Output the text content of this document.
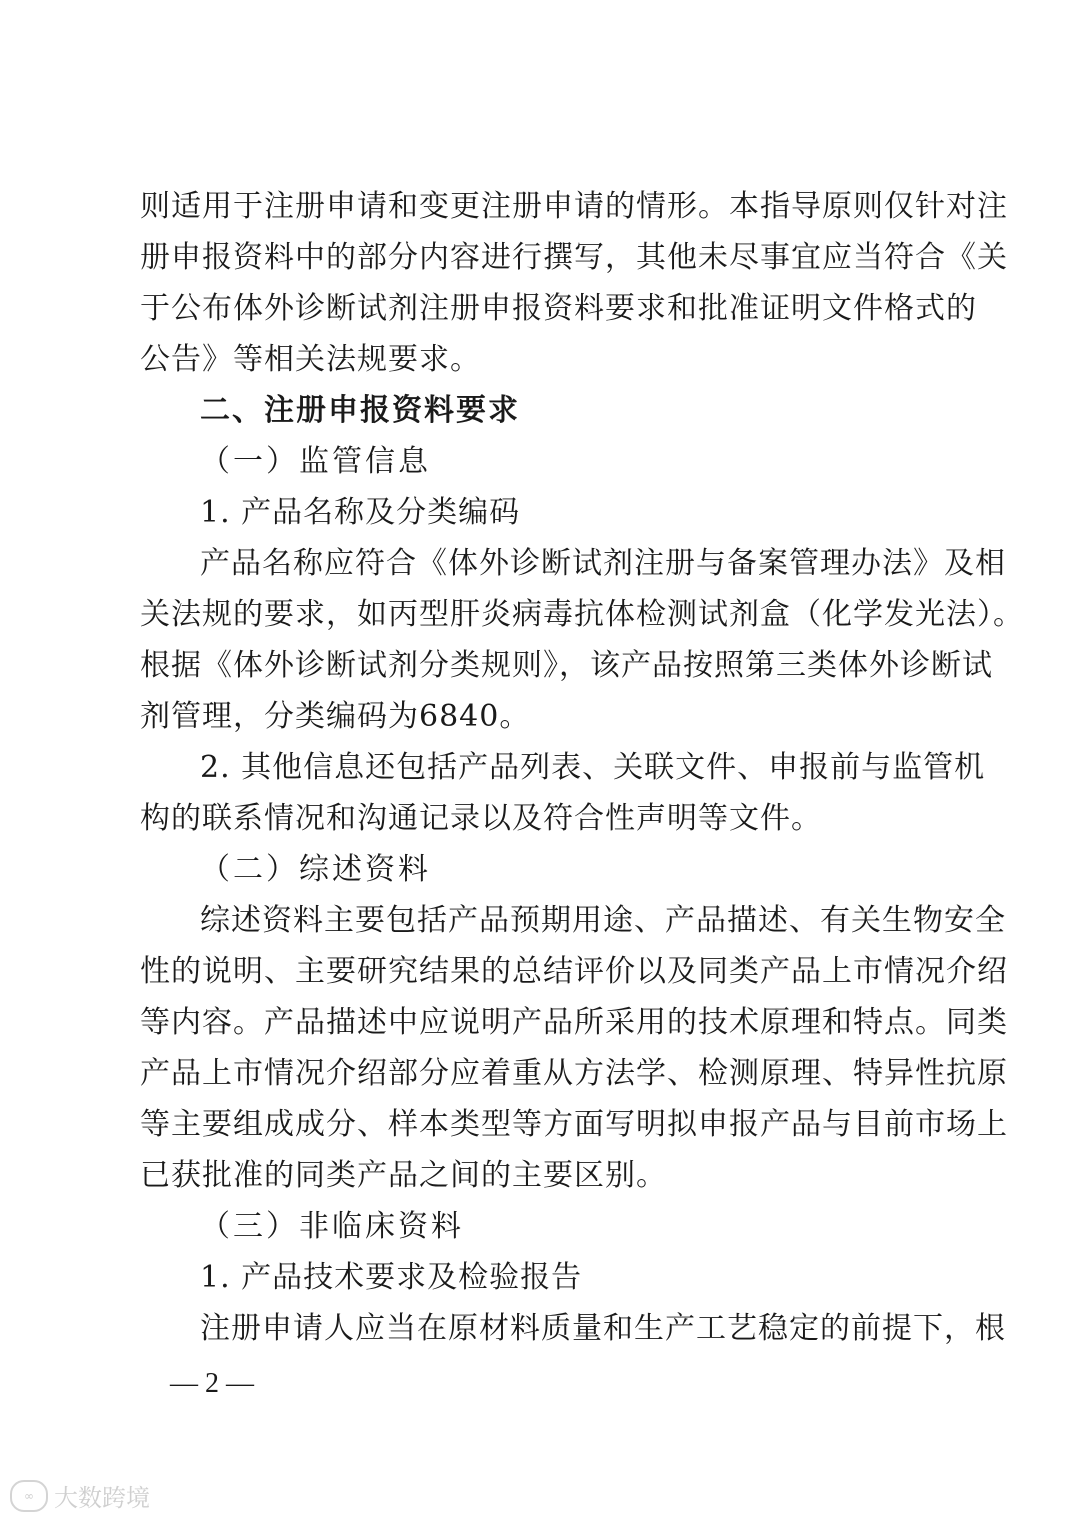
则适用于注册申请和变更注册申请的情形。本指导原则仅针对注
册申报资料中的部分内容进行撰写，其他未尽事宜应当符合《关
于公布体外诊断试剂注册申报资料要求和批准证明文件格式的
公告》等相关法规要求。
二、注册申报资料要求
（一）监管信息
1. 产品名称及分类编码
产品名称应符合《体外诊断试剂注册与备案管理办法》及相
关法规的要求，如丙型肝炎病毒抗体检测试剂盒（化学发光法）。
根据《体外诊断试剂分类规则》，该产品按照第三类体外诊断试
剂管理，分类编码为6840。
2. 其他信息还包括产品列表、关联文件、申报前与监管机
构的联系情况和沟通记录以及符合性声明等文件。
（二）综述资料
综述资料主要包括产品预期用途、产品描述、有关生物安全
性的说明、主要研究结果的总结评价以及同类产品上市情况介绍
等内容。产品描述中应说明产品所采用的技术原理和特点。同类
产品上市情况介绍部分应着重从方法学、检测原理、特异性抗原
等主要组成成分、样本类型等方面写明拟申报产品与目前市场上
已获批准的同类产品之间的主要区别。
（三）非临床资料
1. 产品技术要求及检验报告
注册申请人应当在原材料质量和生产工艺稳定的前提下，根
— 2 —
∞ 大数跨境
